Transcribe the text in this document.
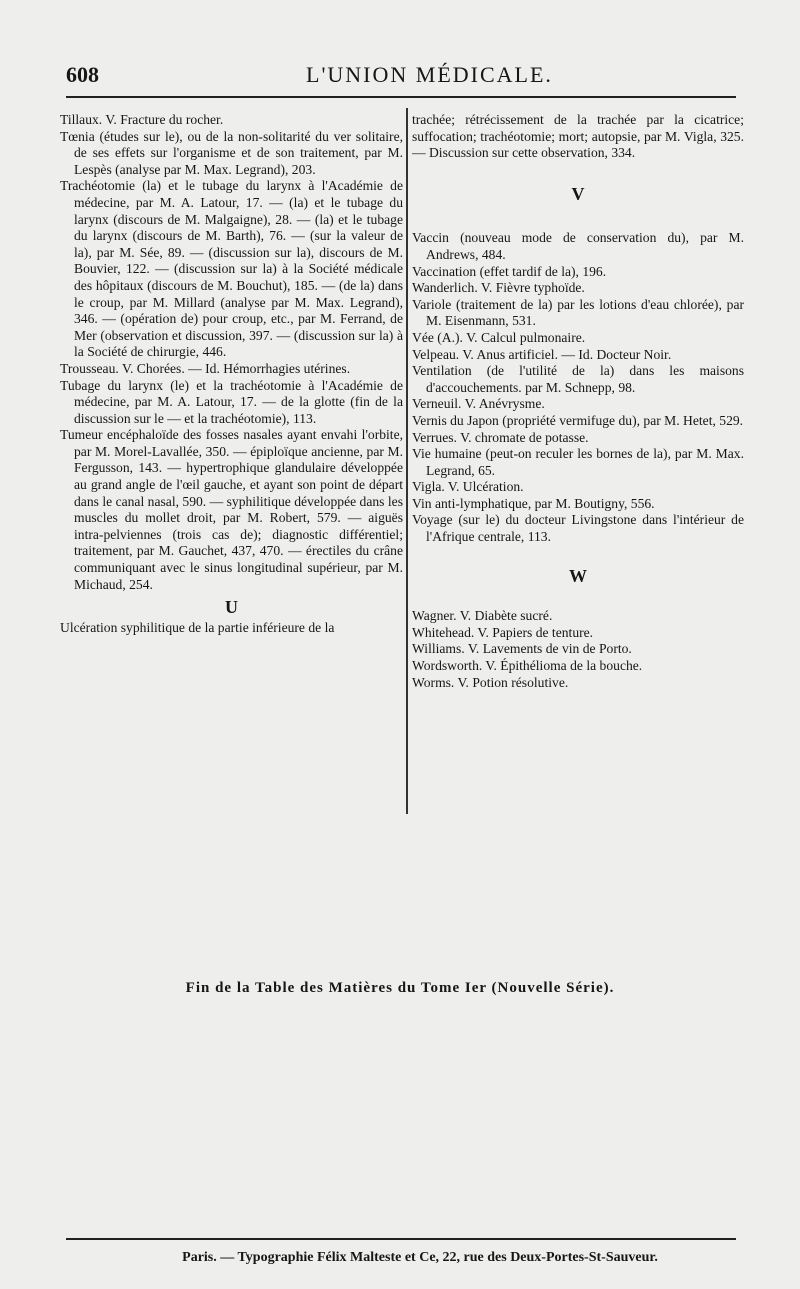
608	L'UNION MÉDICALE.

Tillaux. V. Fracture du rocher.

Tœnia (études sur le), ou de la non-solitarité du ver solitaire, de ses effets sur l'organisme et de son traitement, par M. Lespès (analyse par M. Max. Legrand), 203.

Trachéotomie (la) et le tubage du larynx à l'Académie de médecine, par M. A. Latour, 17. — (la) et le tubage du larynx (discours de M. Malgaigne), 28. — (la) et le tubage du larynx (discours de M. Barth), 76. — (sur la valeur de la), par M. Sée, 89. — (discussion sur la), discours de M. Bouvier, 122. — (discussion sur la) à la Société médicale des hôpitaux (discours de M. Bouchut), 185. — (de la) dans le croup, par M. Millard (analyse par M. Max. Legrand), 346. — (opération de) pour croup, etc., par M. Ferrand, de Mer (observation et discussion, 397. — (discussion sur la) à la Société de chirurgie, 446.

Trousseau. V. Chorées. — Id. Hémorrhagies utérines.

Tubage du larynx (le) et la trachéotomie à l'Académie de médecine, par M. A. Latour, 17. — de la glotte (fin de la discussion sur le — et la trachéotomie), 113.

Tumeur encéphaloïde des fosses nasales ayant envahi l'orbite, par M. Morel-Lavallée, 350. — épiploïque ancienne, par M. Fergusson, 143. — hypertrophique glandulaire développée au grand angle de l'œil gauche, et ayant son point de départ dans le canal nasal, 590. — syphilitique développée dans les muscles du mollet droit, par M. Robert, 579. — aiguës intra-pelviennes (trois cas de); diagnostic différentiel; traitement, par M. Gauchet, 437, 470. — érectiles du crâne communiquant avec le sinus longitudinal supérieur, par M. Michaud, 254.

U

Ulcération syphilitique de la partie inférieure de la

trachée; rétrécissement de la trachée par la cicatrice; suffocation; trachéotomie; mort; autopsie, par M. Vigla, 325. — Discussion sur cette observation, 334.

V

Vaccin (nouveau mode de conservation du), par M. Andrews, 484.

Vaccination (effet tardif de la), 196.

Wanderlich. V. Fièvre typhoïde.

Variole (traitement de la) par les lotions d'eau chlorée), par M. Eisenmann, 531.

Vée (A.). V. Calcul pulmonaire.

Velpeau. V. Anus artificiel. — Id. Docteur Noir.

Ventilation (de l'utilité de la) dans les maisons d'accouchements. par M. Schnepp, 98.

Verneuil. V. Anévrysme.

Vernis du Japon (propriété vermifuge du), par M. Hetet, 529.

Verrues. V. chromate de potasse.

Vie humaine (peut-on reculer les bornes de la), par M. Max. Legrand, 65.

Vigla. V. Ulcération.

Vin anti-lymphatique, par M. Boutigny, 556.

Voyage (sur le) du docteur Livingstone dans l'intérieur de l'Afrique centrale, 113.

W

Wagner. V. Diabète sucré.

Whitehead. V. Papiers de tenture.

Williams. V. Lavements de vin de Porto.

Wordsworth. V. Épithélioma de la bouche.

Worms. V. Potion résolutive.

Fin de la Table des Matières du Tome Ier (Nouvelle Série).
Paris. — Typographie Félix Malteste et Ce, 22, rue des Deux-Portes-St-Sauveur.
